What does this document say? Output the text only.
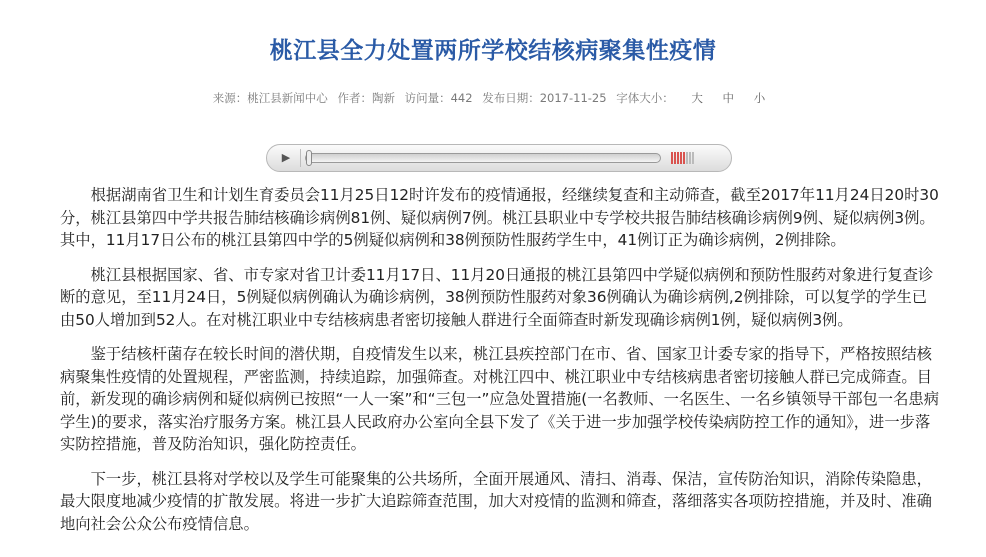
桃江县全力处置两所学校结核病聚集性疫情
来源：桃江县新闻中心 作者：陶新 访问量：442 发布日期：2017-11-25 字体大小： 大 中 小
▶

根据湖南省卫生和计划生育委员会11月25日12时许发布的疫情通报，经继续复查和主动筛查，截至2017年11月24日20时30分，桃江县第四中学共报告肺结核确诊病例81例、疑似病例7例。桃江县职业中专学校共报告肺结核确诊病例9例、疑似病例3例。其中，11月17日公布的桃江县第四中学的5例疑似病例和38例预防性服药学生中，41例订正为确诊病例，2例排除。

桃江县根据国家、省、市专家对省卫计委11月17日、11月20日通报的桃江县第四中学疑似病例和预防性服药对象进行复查诊断的意见，至11月24日，5例疑似病例确认为确诊病例，38例预防性服药对象36例确认为确诊病例,2例排除，可以复学的学生已由50人增加到52人。在对桃江职业中专结核病患者密切接触人群进行全面筛查时新发现确诊病例1例，疑似病例3例。

鉴于结核杆菌存在较长时间的潜伏期，自疫情发生以来，桃江县疾控部门在市、省、国家卫计委专家的指导下，严格按照结核病聚集性疫情的处置规程，严密监测，持续追踪，加强筛查。对桃江四中、桃江职业中专结核病患者密切接触人群已完成筛查。目前，新发现的确诊病例和疑似病例已按照“一人一案”和“三包一”应急处置措施(一名教师、一名医生、一名乡镇领导干部包一名患病学生)的要求，落实治疗服务方案。桃江县人民政府办公室向全县下发了《关于进一步加强学校传染病防控工作的通知》，进一步落实防控措施，普及防治知识，强化防控责任。

下一步，桃江县将对学校以及学生可能聚集的公共场所，全面开展通风、清扫、消毒、保洁，宣传防治知识，消除传染隐患，最大限度地减少疫情的扩散发展。将进一步扩大追踪筛查范围，加大对疫情的监测和筛查，落细落实各项防控措施，并及时、准确地向社会公众公布疫情信息。
